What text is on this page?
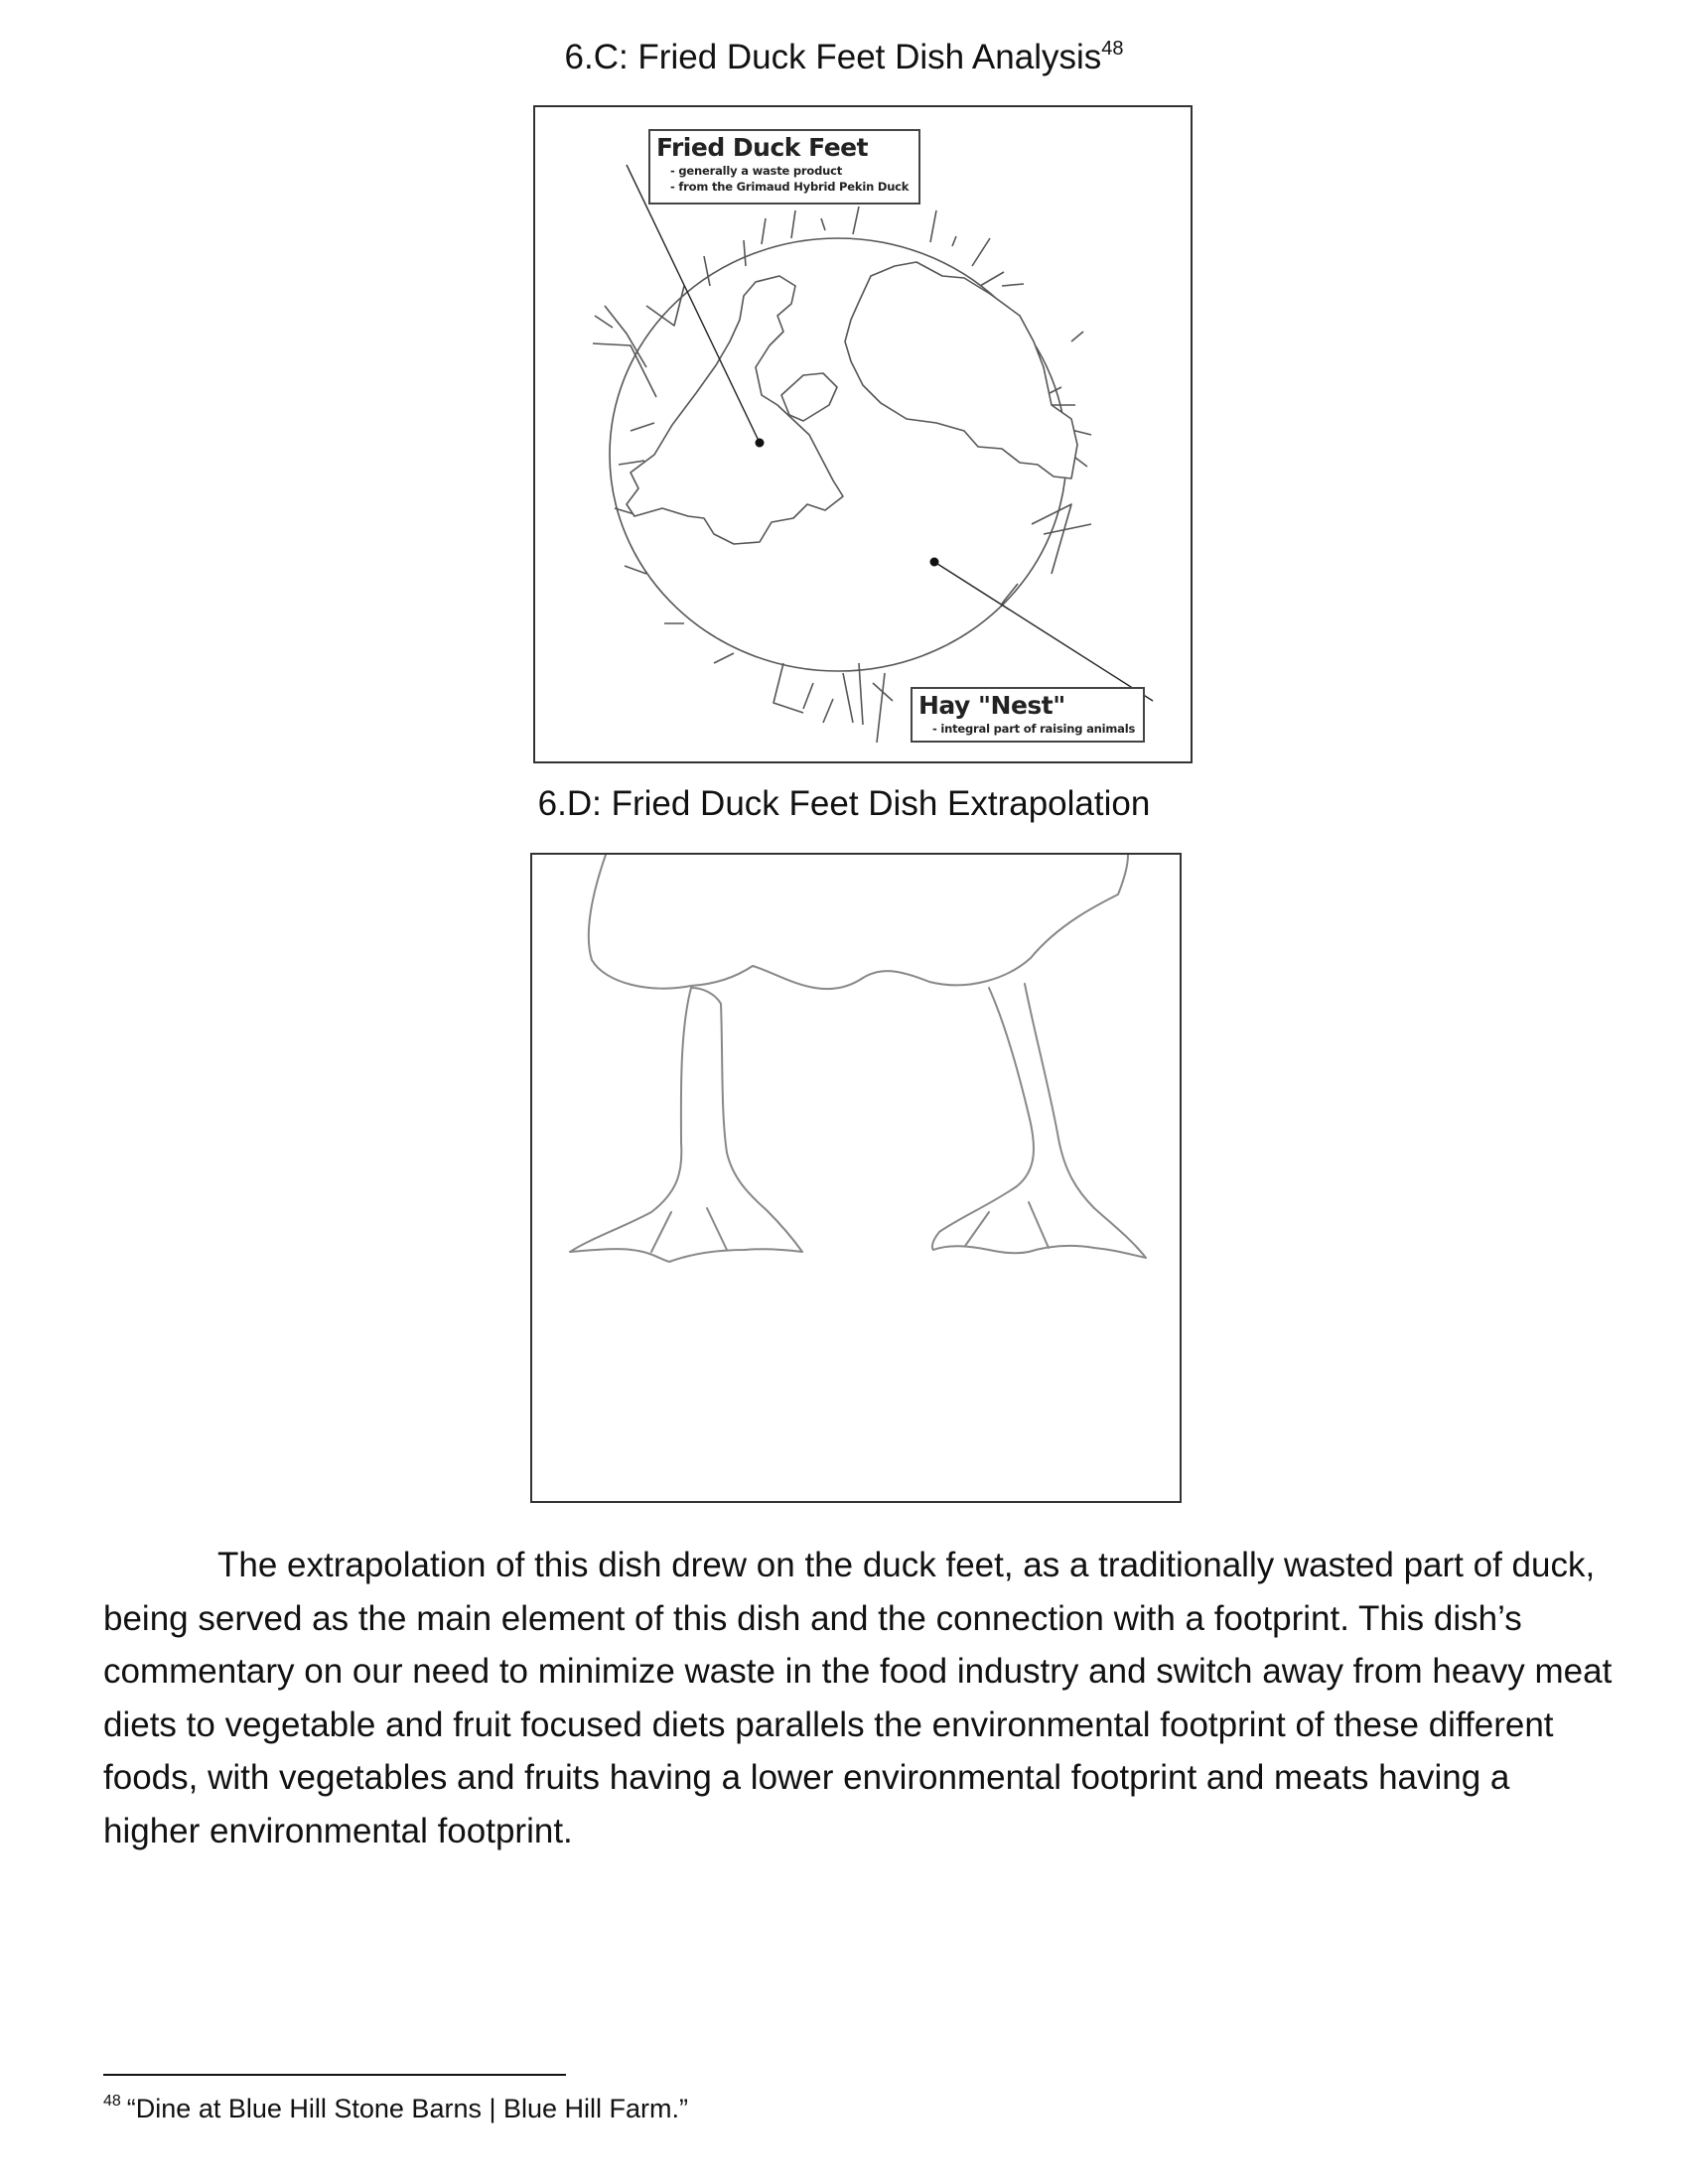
6.C: Fried Duck Feet Dish Analysis$^{48}$
Fried Duck Feet
- generally a waste product
- from the Grimaud Hybrid Pekin Duck
Hay "Nest"
- integral part of raising animals
6.D: Fried Duck Feet Dish Extrapolation

The extrapolation of this dish drew on the duck feet, as a traditionally wasted part of duck, being served as the main element of this dish and the connection with a footprint. This dish’s commentary on our need to minimize waste in the food industry and switch away from heavy meat diets to vegetable and fruit focused diets parallels the environmental footprint of these different foods, with vegetables and fruits having a lower environmental footprint and meats having a higher environmental footprint.

$^{48}$ “Dine at Blue Hill Stone Barns | Blue Hill Farm.”
